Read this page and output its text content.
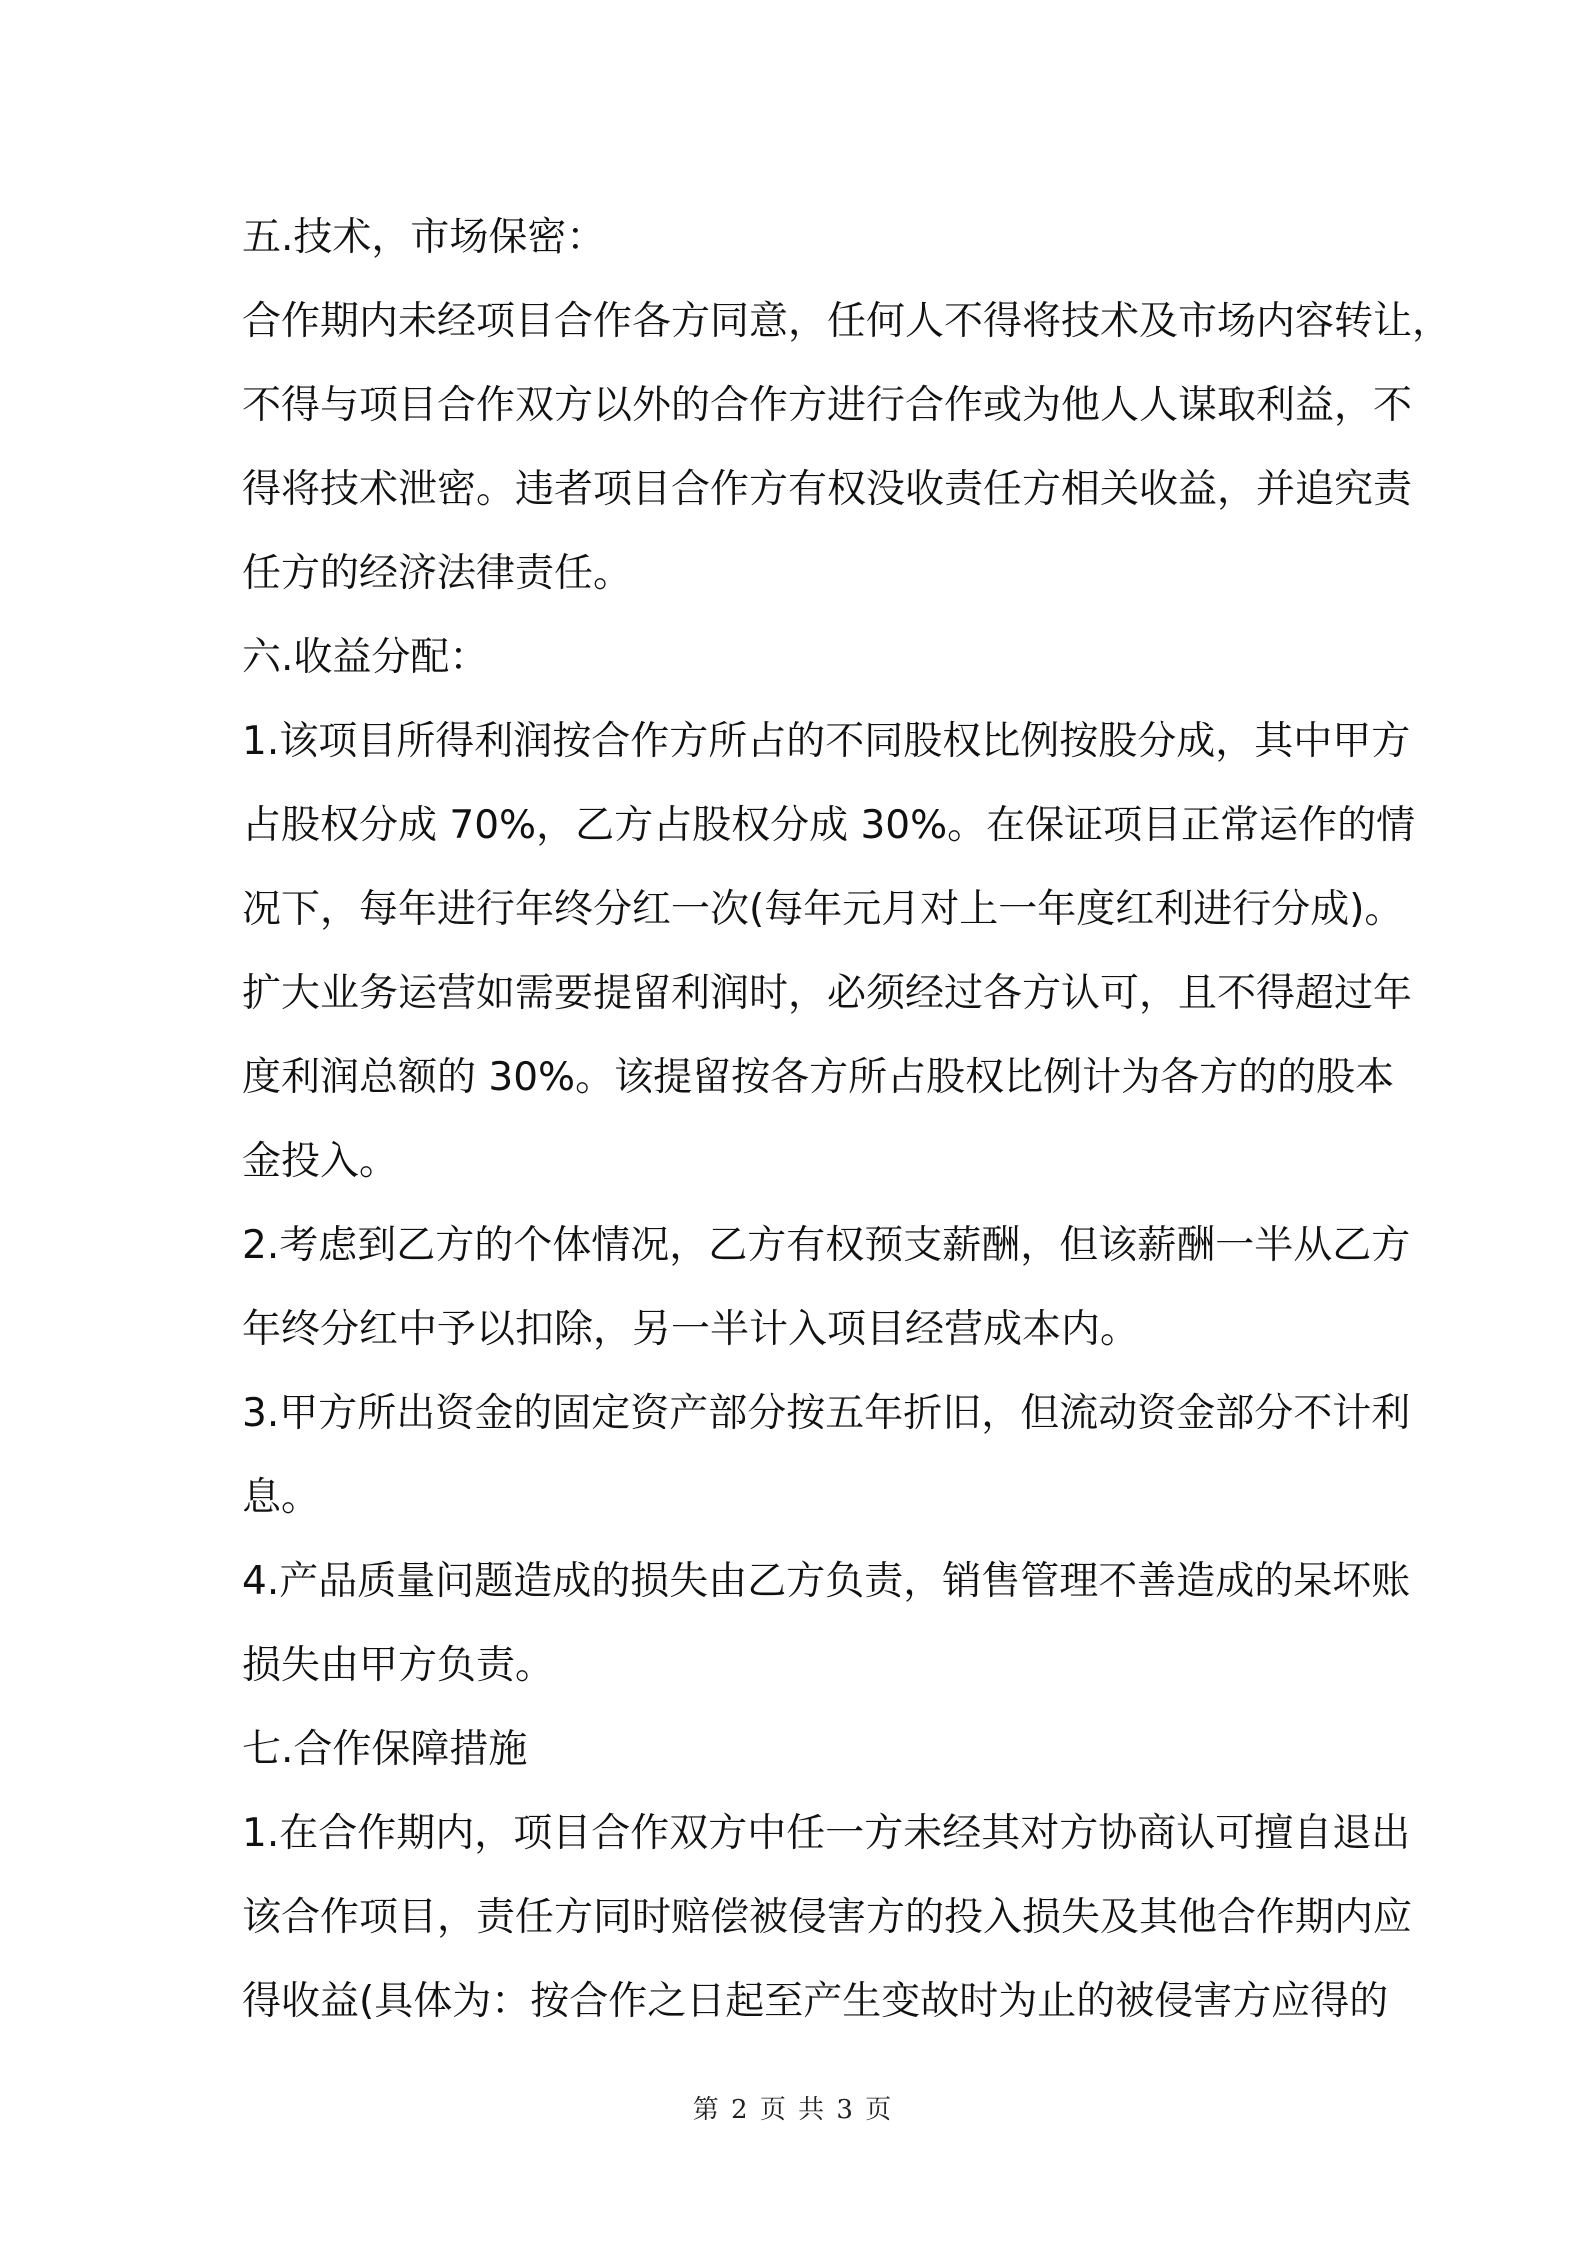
五.技术，市场保密：
合作期内未经项目合作各方同意，任何人不得将技术及市场内容转让，
不得与项目合作双方以外的合作方进行合作或为他人人谋取利益，不
得将技术泄密。违者项目合作方有权没收责任方相关收益，并追究责
任方的经济法律责任。
六.收益分配：
1.该项目所得利润按合作方所占的不同股权比例按股分成，其中甲方
占股权分成 70%，乙方占股权分成 30%。在保证项目正常运作的情
况下，每年进行年终分红一次(每年元月对上一年度红利进行分成)。
扩大业务运营如需要提留利润时，必须经过各方认可，且不得超过年
度利润总额的 30%。该提留按各方所占股权比例计为各方的的股本
金投入。
2.考虑到乙方的个体情况，乙方有权预支薪酬，但该薪酬一半从乙方
年终分红中予以扣除，另一半计入项目经营成本内。
3.甲方所出资金的固定资产部分按五年折旧，但流动资金部分不计利
息。
4.产品质量问题造成的损失由乙方负责，销售管理不善造成的呆坏账
损失由甲方负责。
七.合作保障措施
1.在合作期内，项目合作双方中任一方未经其对方协商认可擅自退出
该合作项目，责任方同时赔偿被侵害方的投入损失及其他合作期内应
得收益(具体为：按合作之日起至产生变故时为止的被侵害方应得的
第 2 页 共 3 页
